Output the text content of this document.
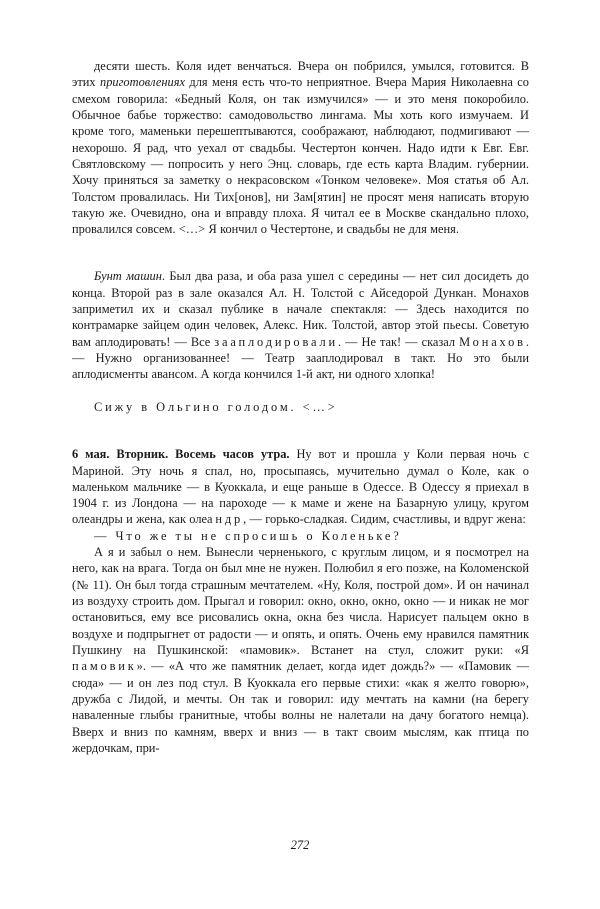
десяти шесть. Коля идет венчаться. Вчера он побрился, умылся, готовится. В этих приготовлениях для меня есть что-то неприятное. Вчера Мария Николаевна со смехом говорила: «Бедный Коля, он так измучился» — и это меня покоробило. Обычное бабье торжество: самодовольство лингама. Мы хоть кого измучаем. И кроме того, маменьки перешептываются, соображают, наблюдают, подмигивают — нехорошо. Я рад, что уехал от свадьбы. Честертон кончен. Надо идти к Евг. Евг. Святловскому — попросить у него Энц. словарь, где есть карта Владим. губернии. Хочу приняться за заметку о некрасовском «Тонком человеке». Моя статья об Ал. Толстом провалилась. Ни Тих[онов], ни Зам[ятин] не просят меня написать вторую такую же. Очевидно, она и вправду плоха. Я читал ее в Москве скандально плохо, провалился совсем. <…> Я кончил о Честертоне, и свадьбы не для меня.

Бунт машин. Был два раза, и оба раза ушел с середины — нет сил досидеть до конца. Второй раз в зале оказался Ал. Н. Толстой с Айседорой Дункан. Монахов заприметил их и сказал публике в начале спектакля: — Здесь находится по контрамарке зайцем один человек, Алекс. Ник. Толстой, автор этой пьесы. Советую вам аплодировать! — Все зааплодировали. — Не так! — сказал Монахов. — Нужно организованнее! — Театр зааплодировал в такт. Но это были аплодисменты авансом. А когда кончился 1-й акт, ни одного хлопка!

Сижу в Ольгино голодом. <…>

6 мая. Вторник. Восемь часов утра. Ну вот и прошла у Коли первая ночь с Мариной. Эту ночь я спал, но, просыпаясь, мучительно думал о Коле, как о маленьком мальчике — в Куоккала, и еще раньше в Одессе. В Одессу я приехал в 1904 г. из Лондона — на пароходе — к маме и жене на Базарную улицу, кругом олеандры и жена, как олеандр, — горько-сладкая. Сидим, счастливы, и вдруг жена:

— Что же ты не спросишь о Коленьке?

А я и забыл о нем. Вынесли черненького, с круглым лицом, и я посмотрел на него, как на врага. Тогда он был мне не нужен. Полюбил я его позже, на Коломенской (№ 11). Он был тогда страшным мечтателем. «Ну, Коля, построй дом». И он начинал из воздуху строить дом. Прыгал и говорил: окно, окно, окно, окно — и никак не мог остановиться, ему все рисовались окна, окна без числа. Нарисует пальцем окно в воздухе и подпрыгнет от радости — и опять, и опять. Очень ему нравился памятник Пушкину на Пушкинской: «памовик». Встанет на стул, сложит руки: «Я памовик». — «А что же памятник делает, когда идет дождь?» — «Памовик — сюда» — и он лез под стул. В Куоккала его первые стихи: «как я желто говорю», дружба с Лидой, и мечты. Он так и говорил: иду мечтать на камни (на берегу наваленные глыбы гранитные, чтобы волны не налетали на дачу богатого немца). Вверх и вниз по камням, вверх и вниз — в такт своим мыслям, как птица по жердочкам, при-

272
